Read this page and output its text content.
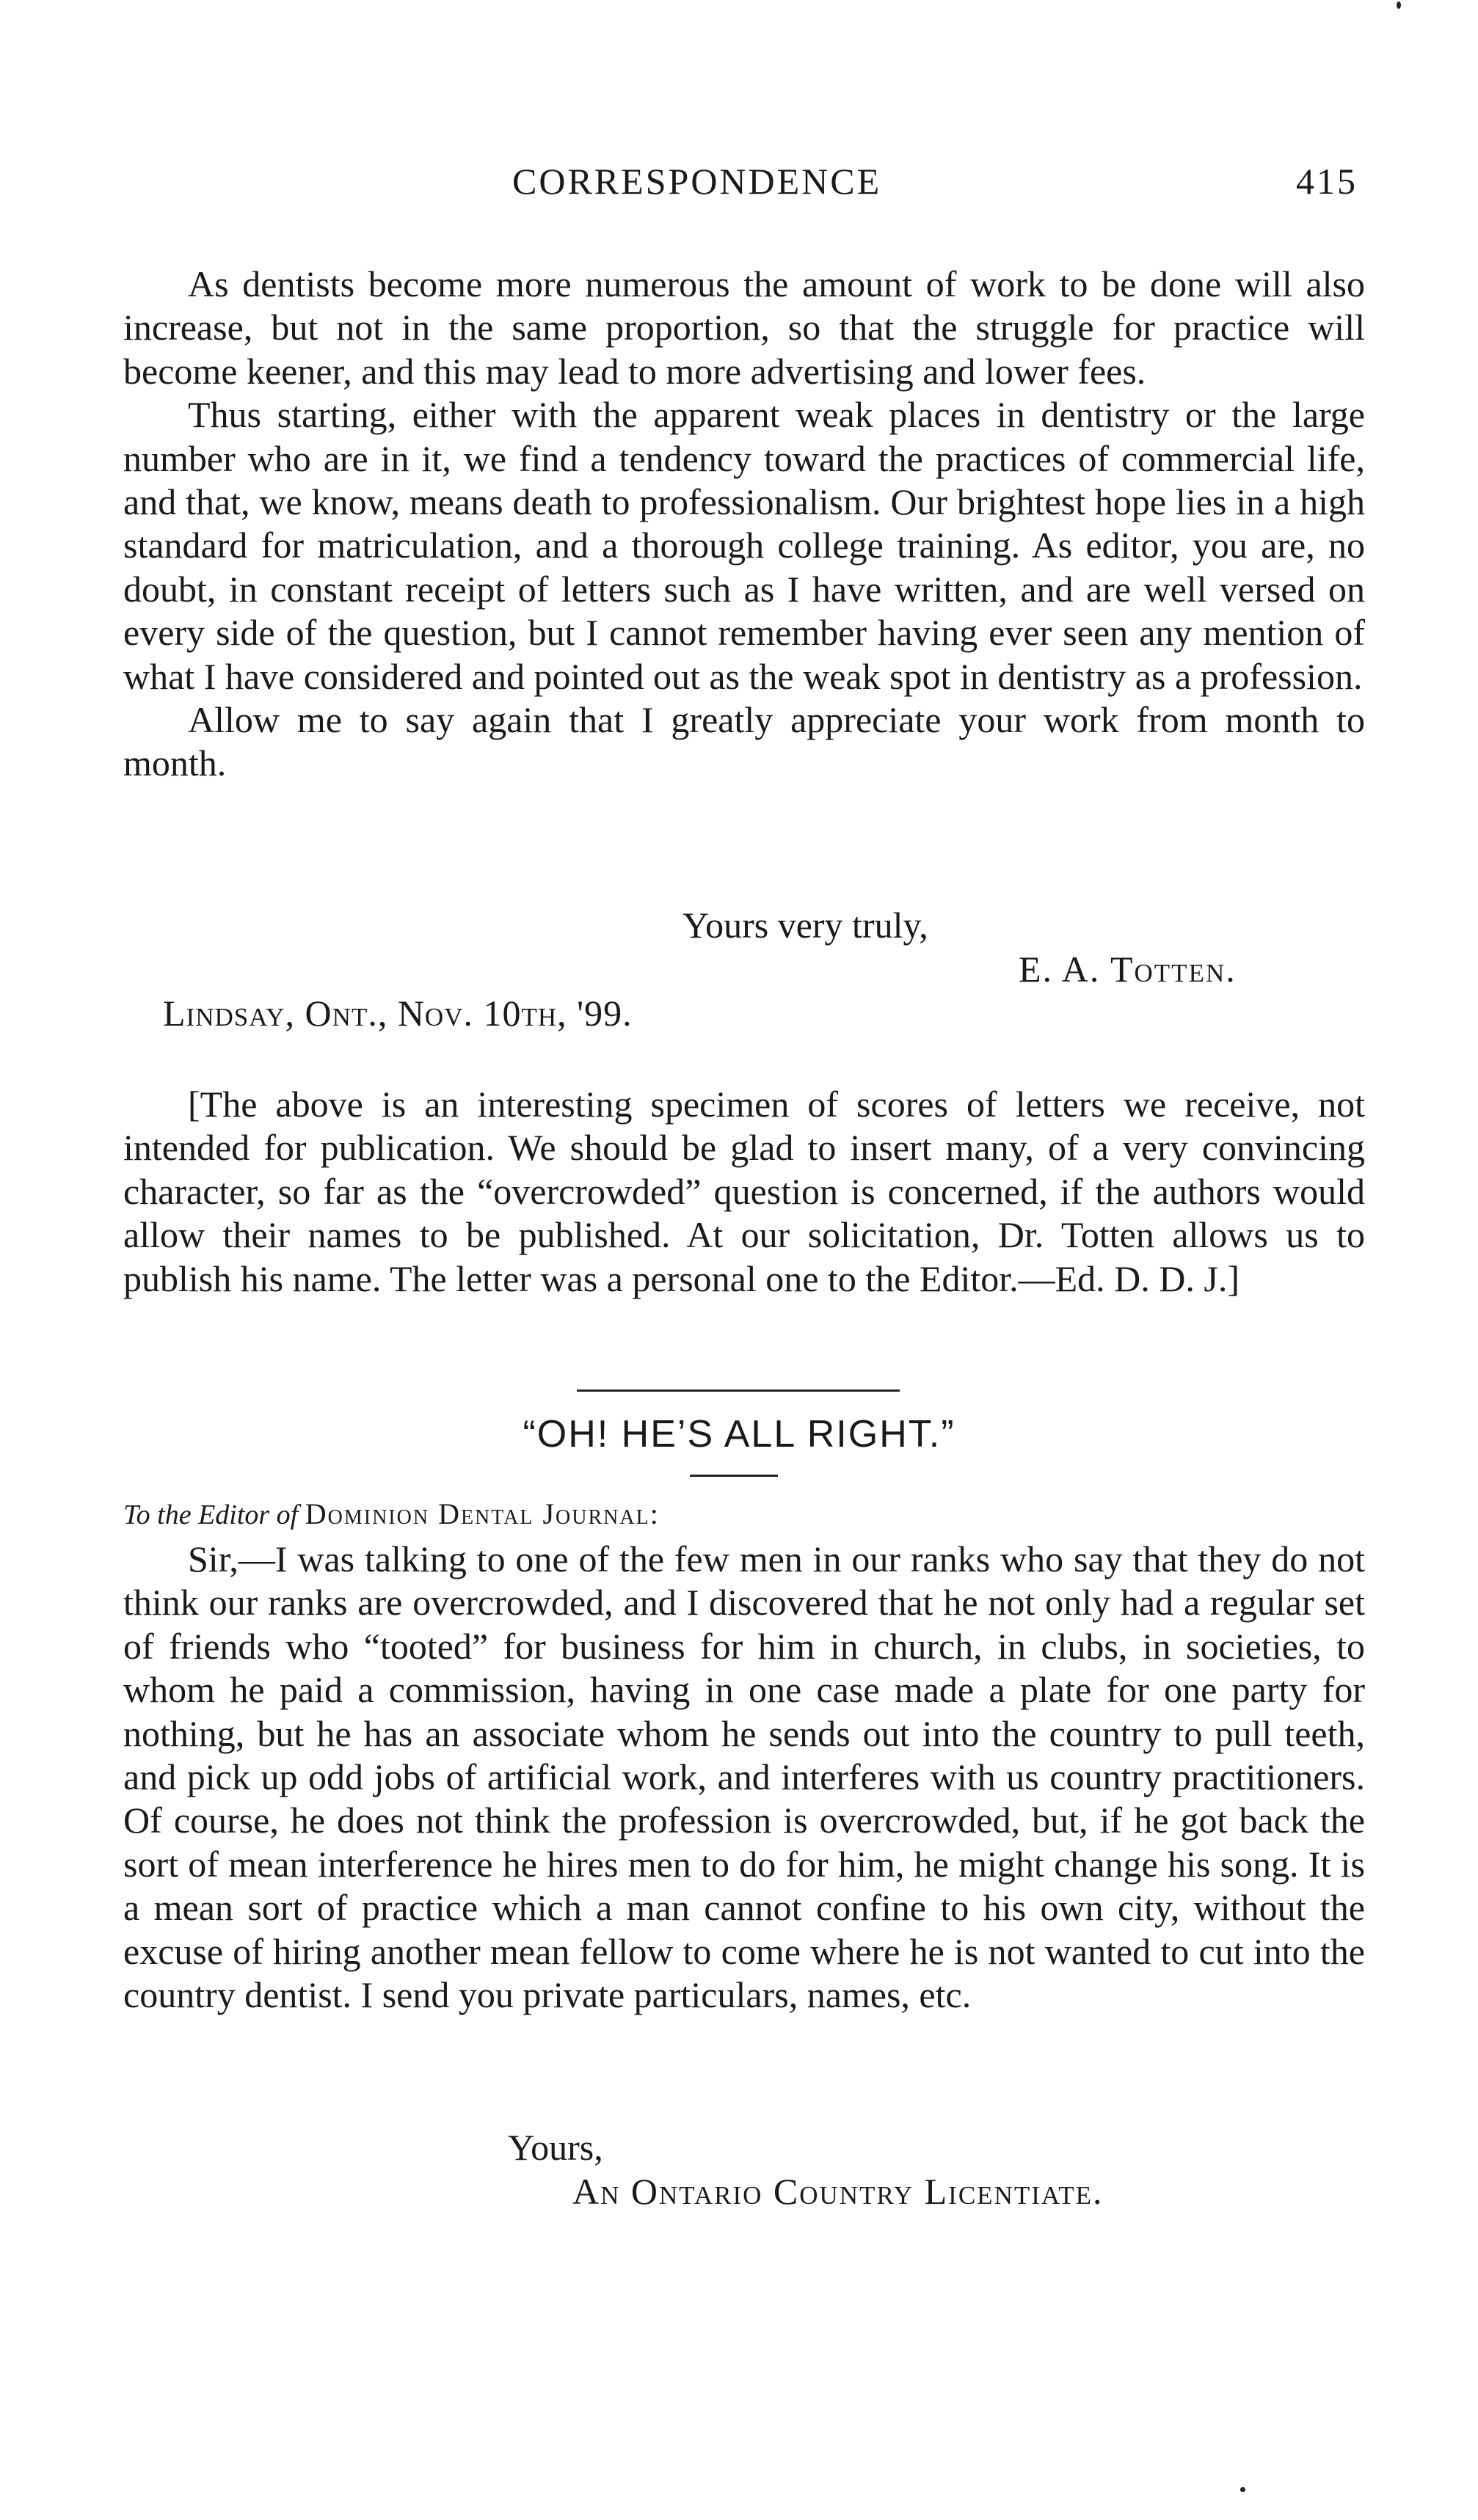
CORRESPONDENCE	415

As dentists become more numerous the amount of work to be done will also increase, but not in the same proportion, so that the struggle for practice will become keener, and this may lead to more advertising and lower fees.

Thus starting, either with the apparent weak places in dentistry or the large number who are in it, we find a tendency toward the practices of commercial life, and that, we know, means death to professionalism. Our brightest hope lies in a high standard for matriculation, and a thorough college training. As editor, you are, no doubt, in constant receipt of letters such as I have written, and are well versed on every side of the question, but I cannot remember having ever seen any mention of what I have considered and pointed out as the weak spot in dentistry as a profession.

Allow me to say again that I greatly appreciate your work from month to month.

Yours very truly,
E. A. Totten.
Lindsay, Ont., Nov. 10th, '99.

[The above is an interesting specimen of scores of letters we receive, not intended for publication. We should be glad to insert many, of a very convincing character, so far as the “overcrowded” question is concerned, if the authors would allow their names to be published. At our solicitation, Dr. Totten allows us to publish his name. The letter was a personal one to the Editor.—Ed. D. D. J.]

“OH! HE’S ALL RIGHT.”
To the Editor of Dominion Dental Journal:

Sir,—I was talking to one of the few men in our ranks who say that they do not think our ranks are overcrowded, and I discovered that he not only had a regular set of friends who “tooted” for business for him in church, in clubs, in societies, to whom he paid a commission, having in one case made a plate for one party for nothing, but he has an associate whom he sends out into the country to pull teeth, and pick up odd jobs of artificial work, and interferes with us country practitioners. Of course, he does not think the profession is overcrowded, but, if he got back the sort of mean interference he hires men to do for him, he might change his song. It is a mean sort of practice which a man cannot confine to his own city, without the excuse of hiring another mean fellow to come where he is not wanted to cut into the country dentist. I send you private particulars, names, etc.

Yours,
An Ontario Country Licentiate.
